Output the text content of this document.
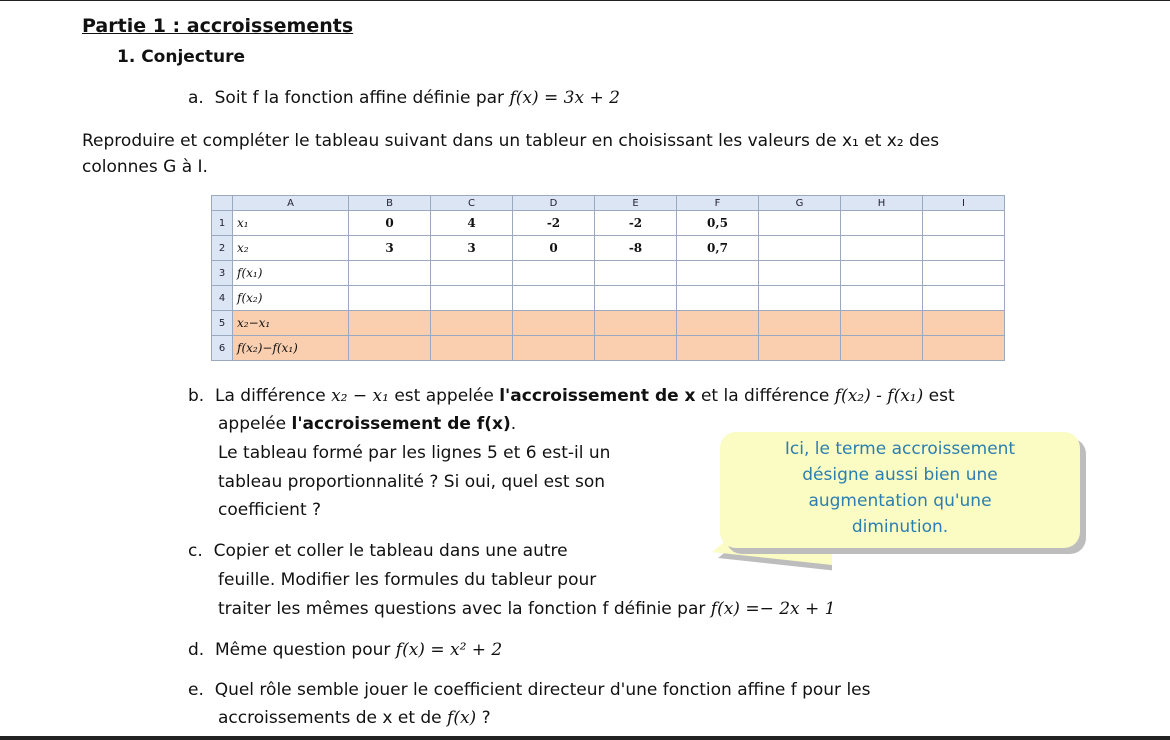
Partie 1 : accroissements
1. Conjecture
a. Soit f la fonction affine définie par f(x) = 3x + 2
Reproduire et compléter le tableau suivant dans un tableur en choisissant les valeurs de x₁ et x₂ des
colonnes G à I.
	A	B	C	D	E	F	G	H	I
1	x₁	0	4	-2	-2	0,5			
2	x₂	3	3	0	-8	0,7			
3	f(x₁)								
4	f(x₂)								
5	x₂−x₁								
6	f(x₂)−f(x₁)								
b. La différence x₂ − x₁ est appelée l'accroissement de x et la différence f(x₂) - f(x₁) est
appelée l'accroissement de f(x).
Le tableau formé par les lignes 5 et 6 est-il un
tableau proportionnalité ? Si oui, quel est son
coefficient ?
Ici, le terme accroissement
désigne aussi bien une
augmentation qu'une
diminution.
c. Copier et coller le tableau dans une autre
feuille. Modifier les formules du tableur pour
traiter les mêmes questions avec la fonction f définie par f(x) =− 2x + 1
d. Même question pour f(x) = x² + 2
e. Quel rôle semble jouer le coefficient directeur d'une fonction affine f pour les
accroissements de x et de f(x) ?
